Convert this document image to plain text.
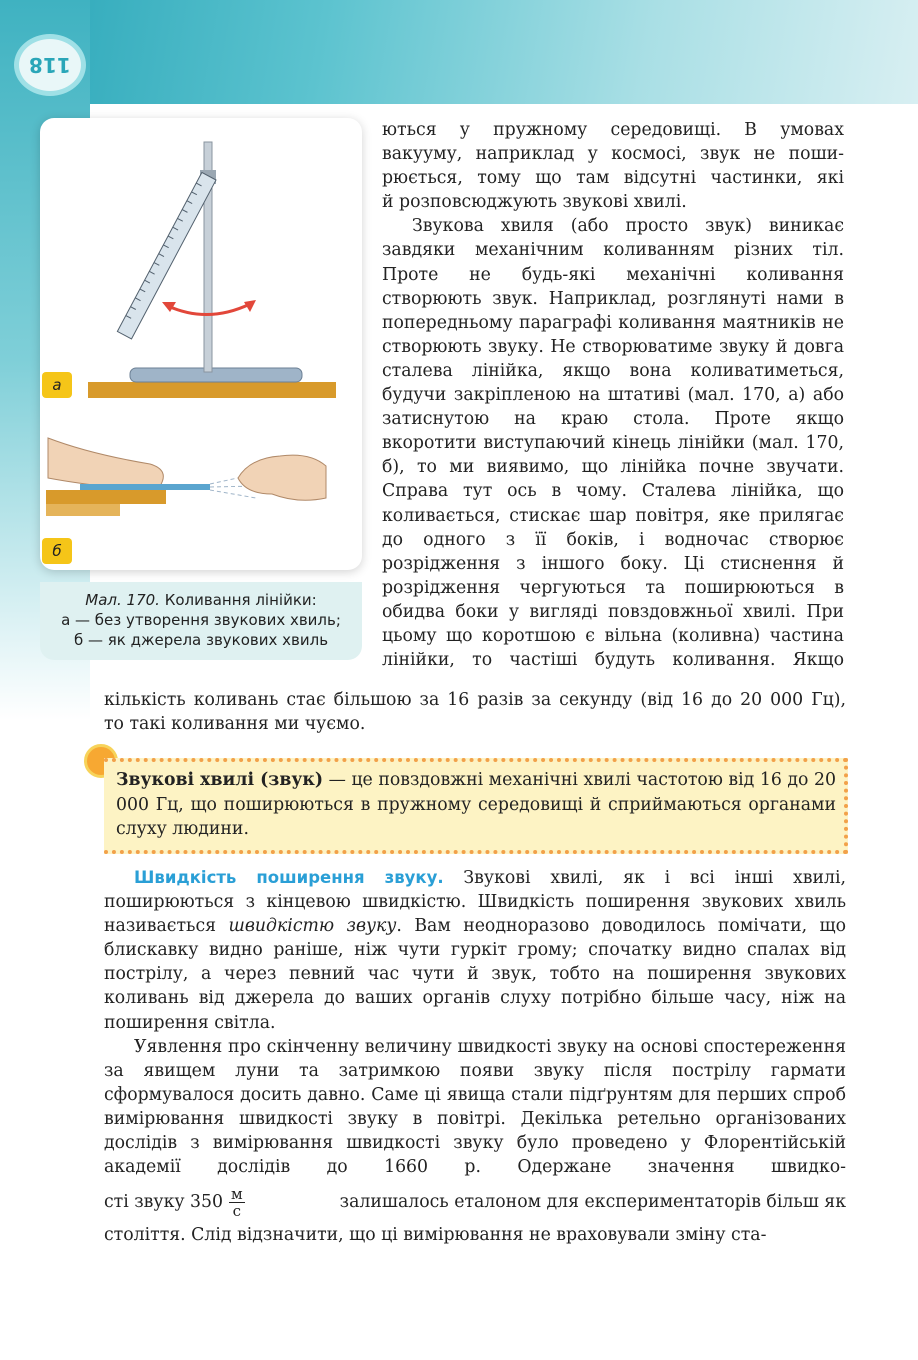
118
а
б
Мал. 170. Коливання лінійки:
а — без утворення звукових хвиль;
б — як джерела звукових хвиль
ються у пружному середовищі. В умовах
вакууму, наприклад у космосі, звук не поши-
рюється, тому що там відсутні частинки, які
й розповсюджують звукові хвилі.

Звукова хвиля (або просто звук) виникає завдяки механічним коливанням різних тіл. Проте не будь-які механічні коливання створюють звук. Наприклад, розглянуті нами в попередньому параграфі коливання маятників не створюють звуку. Не створюватиме звуку й довга сталева лінійка, якщо вона коливатиметься, будучи закріпленою на штативі (мал. 170, а) або затиснутою на краю стола. Проте якщо вкоротити виступаючий кінець лінійки (мал. 170, б), то ми виявимо, що лінійка почне звучати. Справа тут ось в чому. Сталева лінійка, що коливається, стискає шар повітря, яке прилягає до одного з її боків, і водночас створює розрідження з іншого боку. Ці стиснення й розрідження чергуються та поширюються в обидва боки у вигляді повздовжньої хвилі. При цьому що коротшою є вільна (коливна) частина лінійки, то частіші будуть коливання. Якщо

кількість коливань стає більшою за 16 разів за секунду (від 16 до 20 000 Гц),
то такі коливання ми чуємо.
Звукові хвилі (звук) — це повздовжні механічні хвилі частотою від 16 до 20 000 Гц, що поширюються в пружному середовищі й сприймаються органами слуху людини.

Швидкість поширення звуку. Звукові хвилі, як і всі інші хвилі, поширюються з кінцевою швидкістю. Швидкість поширення звукових хвиль називається швидкістю звуку. Вам неодноразово доводилось помічати, що блискавку видно раніше, ніж чути гуркіт грому; спочатку видно спалах від пострілу, а через певний час чути й звук, тобто на поширення звукових коливань від джерела до ваших органів слуху потрібно більше часу, ніж на поширення світла.

Уявлення про скінченну величину швидкості звуку на основі спостереження за явищем луни та затримкою появи звуку після пострілу гармати сформувалося досить давно. Саме ці явища стали підґрунтям для перших спроб вимірювання швидкості звуку в повітрі. Декілька ретельно організованих дослідів з вимірювання швидкості звуку було проведено у Флорентійській академії дослідів до 1660 р. Одержане значення швидко-

сті звуку $350 \frac{м}{с}$	залишалось еталоном для експериментаторів більш як
століття. Слід відзначити, що ці вимірювання не враховували зміну ста-
